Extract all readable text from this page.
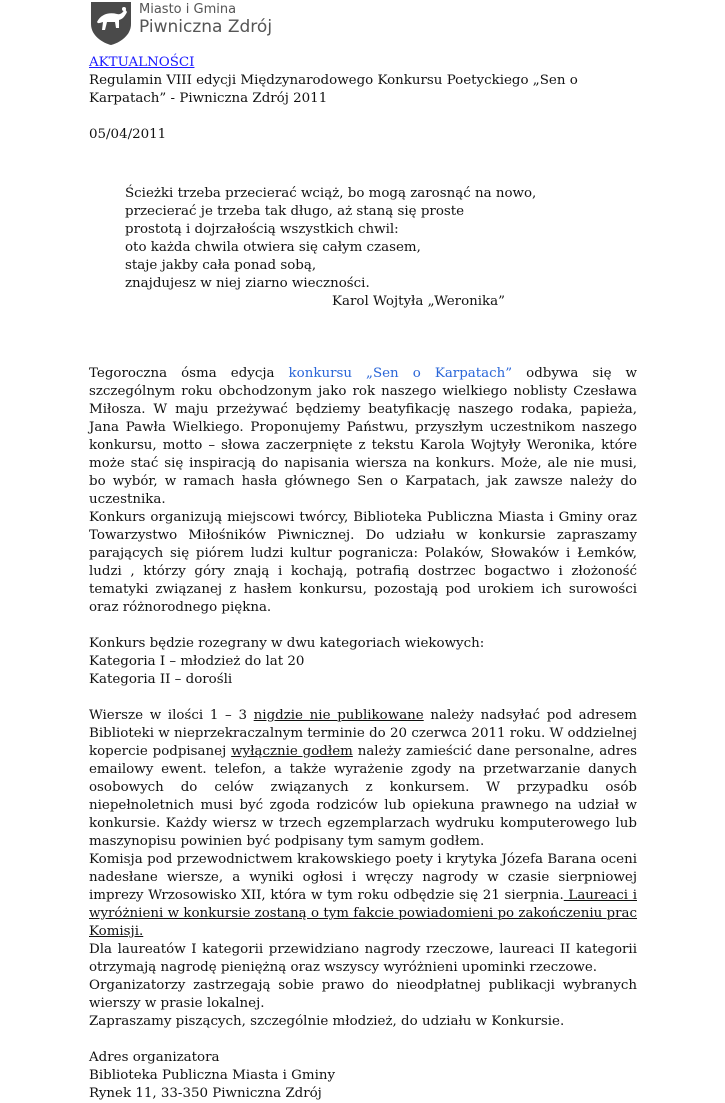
Miasto i Gmina
Piwniczna Zdrój
AKTUALNOŚCI
Regulamin VIII edycji Międzynarodowego Konkursu Poetyckiego „Sen o Karpatach” - Piwniczna Zdrój 2011
05/04/2011
Ścieżki trzeba przecierać wciąż, bo mogą zarosnąć na nowo,
przecierać je trzeba tak długo, aż staną się proste
prostotą i dojrzałością wszystkich chwil:
oto każda chwila otwiera się całym czasem,
staje jakby cała ponad sobą,
znajdujesz w niej ziarno wieczności.
Karol Wojtyła „Weronika”
Tegoroczna ósma edycja konkursu „Sen o Karpatach” odbywa się w szczególnym roku obchodzonym jako rok naszego wielkiego noblisty Czesława Miłosza. W maju przeżywać będziemy beatyfikację naszego rodaka, papieża, Jana Pawła Wielkiego. Proponujemy Państwu, przyszłym uczestnikom naszego konkursu, motto – słowa zaczerpnięte z tekstu Karola Wojtyły Weronika, które może stać się inspiracją do napisania wiersza na konkurs. Może, ale nie musi, bo wybór, w ramach hasła głównego Sen o Karpatach, jak zawsze należy do uczestnika.
Konkurs organizują miejscowi twórcy, Biblioteka Publiczna Miasta i Gminy oraz Towarzystwo Miłośników Piwnicznej. Do udziału w konkursie zapraszamy parających się piórem ludzi kultur pogranicza: Polaków, Słowaków i Łemków, ludzi , którzy góry znają i kochają, potrafią dostrzec bogactwo i złożoność tematyki związanej z hasłem konkursu, pozostają pod urokiem ich surowości oraz różnorodnego piękna.
Konkurs będzie rozegrany w dwu kategoriach wiekowych:
Kategoria I – młodzież do lat 20
Kategoria II – dorośli
Wiersze w ilości 1 – 3 nigdzie nie publikowane należy nadsyłać pod adresem Biblioteki w nieprzekraczalnym terminie do 20 czerwca 2011 roku. W oddzielnej kopercie podpisanej wyłącznie godłem należy zamieścić dane personalne, adres emailowy ewent. telefon, a także wyrażenie zgody na przetwarzanie danych osobowych do celów związanych z konkursem. W przypadku osób niepełnoletnich musi być zgoda rodziców lub opiekuna prawnego na udział w konkursie. Każdy wiersz w trzech egzemplarzach wydruku komputerowego lub maszynopisu powinien być podpisany tym samym godłem.
Komisja pod przewodnictwem krakowskiego poety i krytyka Józefa Barana oceni nadesłane wiersze, a wyniki ogłosi i wręczy nagrody w czasie sierpniowej imprezy Wrzosowisko XII, która w tym roku odbędzie się 21 sierpnia. Laureaci i wyróżnieni w konkursie zostaną o tym fakcie powiadomieni po zakończeniu prac Komisji.
Dla laureatów I kategorii przewidziano nagrody rzeczowe, laureaci II kategorii otrzymają nagrodę pieniężną oraz wszyscy wyróżnieni upominki rzeczowe.
Organizatorzy zastrzegają sobie prawo do nieodpłatnej publikacji wybranych wierszy w prasie lokalnej.
Zapraszamy piszących, szczególnie młodzież, do udziału w Konkursie.
Adres organizatora
Biblioteka Publiczna Miasta i Gminy
Rynek 11, 33-350 Piwniczna Zdrój
